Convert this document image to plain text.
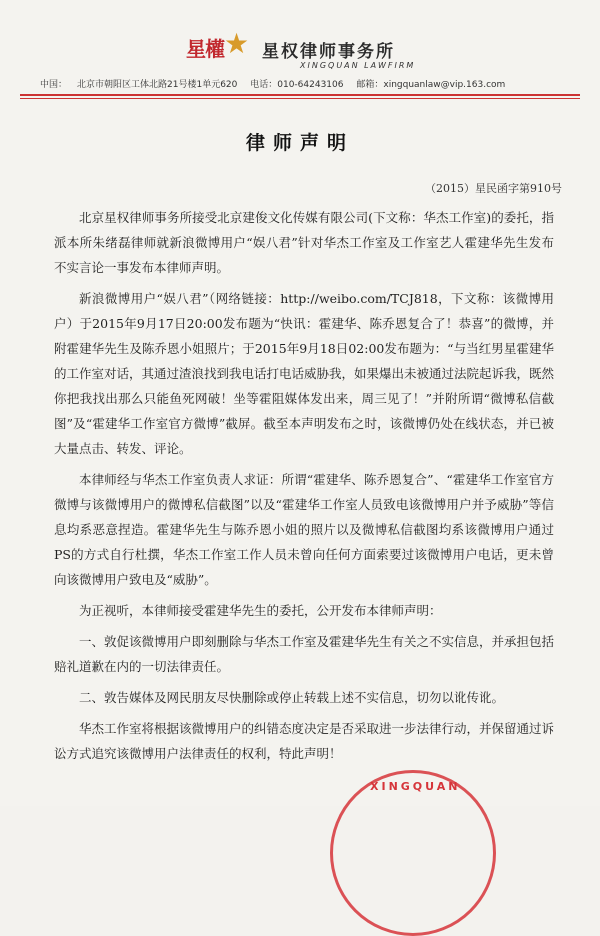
星權 ★ 星权律师事务所
XINGQUAN LAWFIRM
中国： 北京市朝阳区工体北路21号楼1单元620 电话：010-64243106 邮箱：xingquanlaw@vip.163.com
律师声明
（2015）星民函字第910号

北京星权律师事务所接受北京建俊文化传媒有限公司(下文称：华杰工作室)的委托，指派本所朱绪磊律师就新浪微博用户“娱八君”针对华杰工作室及工作室艺人霍建华先生发布不实言论一事发布本律师声明。

新浪微博用户“娱八君”（网络链接：http://weibo.com/TCJ818，下文称：该微博用户）于2015年9月17日20:00发布题为“快讯：霍建华、陈乔恩复合了！恭喜”的微博，并附霍建华先生及陈乔恩小姐照片；于2015年9月18日02:00发布题为：“与当红男星霍建华的工作室对话，其通过渣浪找到我电话打电话威胁我，如果爆出未被通过法院起诉我，既然你把我找出那么只能鱼死网破！坐等霍阻媒体发出来，周三见了！”并附所谓“微博私信截图”及“霍建华工作室官方微博”截屏。截至本声明发布之时，该微博仍处在线状态，并已被大量点击、转发、评论。

本律师经与华杰工作室负责人求证：所谓“霍建华、陈乔恩复合”、“霍建华工作室官方微博与该微博用户的微博私信截图”以及“霍建华工作室人员致电该微博用户并予威胁”等信息均系恶意捏造。霍建华先生与陈乔恩小姐的照片以及微博私信截图均系该微博用户通过PS的方式自行杜撰，华杰工作室工作人员未曾向任何方面索要过该微博用户电话，更未曾向该微博用户致电及“威胁”。

为正视听，本律师接受霍建华先生的委托，公开发布本律师声明：

一、敦促该微博用户即刻删除与华杰工作室及霍建华先生有关之不实信息，并承担包括赔礼道歉在内的一切法律责任。

二、敦告媒体及网民朋友尽快删除或停止转载上述不实信息，切勿以讹传讹。

华杰工作室将根据该微博用户的纠错态度决定是否采取进一步法律行动，并保留通过诉讼方式追究该微博用户法律责任的权利，特此声明！

XINGQUAN
